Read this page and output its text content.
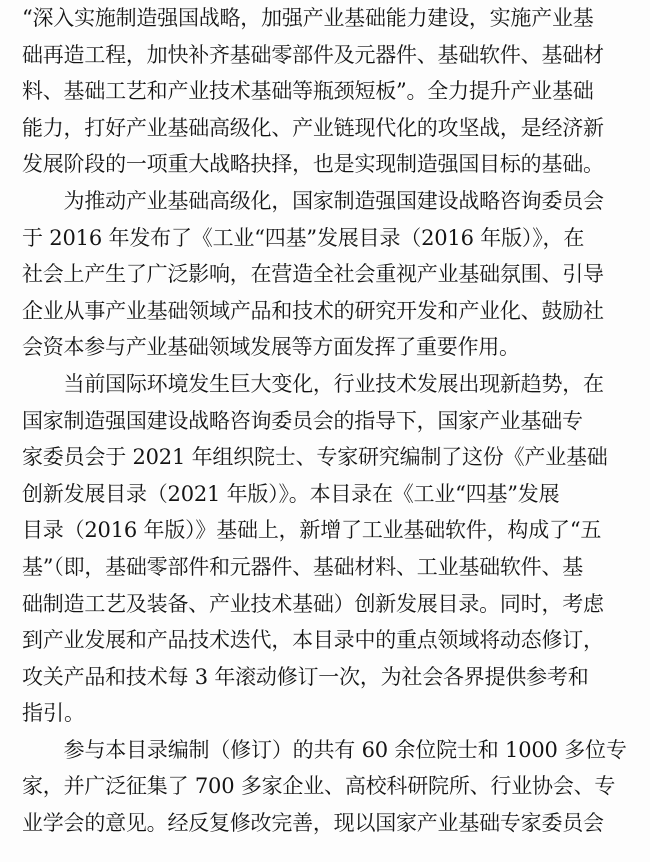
“深入实施制造强国战略，加强产业基础能力建设，实施产业基
础再造工程，加快补齐基础零部件及元器件、基础软件、基础材
料、基础工艺和产业技术基础等瓶颈短板”。全力提升产业基础
能力，打好产业基础高级化、产业链现代化的攻坚战，是经济新
发展阶段的一项重大战略抉择，也是实现制造强国目标的基础。
　　为推动产业基础高级化，国家制造强国建设战略咨询委员会
于 2016 年发布了《工业“四基”发展目录（2016 年版）》，在
社会上产生了广泛影响，在营造全社会重视产业基础氛围、引导
企业从事产业基础领域产品和技术的研究开发和产业化、鼓励社
会资本参与产业基础领域发展等方面发挥了重要作用。
　　当前国际环境发生巨大变化，行业技术发展出现新趋势，在
国家制造强国建设战略咨询委员会的指导下，国家产业基础专
家委员会于 2021 年组织院士、专家研究编制了这份《产业基础
创新发展目录（2021 年版）》。本目录在《工业“四基”发展
目录（2016 年版）》基础上，新增了工业基础软件，构成了“五
基”（即，基础零部件和元器件、基础材料、工业基础软件、基
础制造工艺及装备、产业技术基础）创新发展目录。同时，考虑
到产业发展和产品技术迭代，本目录中的重点领域将动态修订，
攻关产品和技术每 3 年滚动修订一次，为社会各界提供参考和
指引。
　　参与本目录编制（修订）的共有 60 余位院士和 1000 多位专
家，并广泛征集了 700 多家企业、高校科研院所、行业协会、专
业学会的意见。经反复修改完善，现以国家产业基础专家委员会
